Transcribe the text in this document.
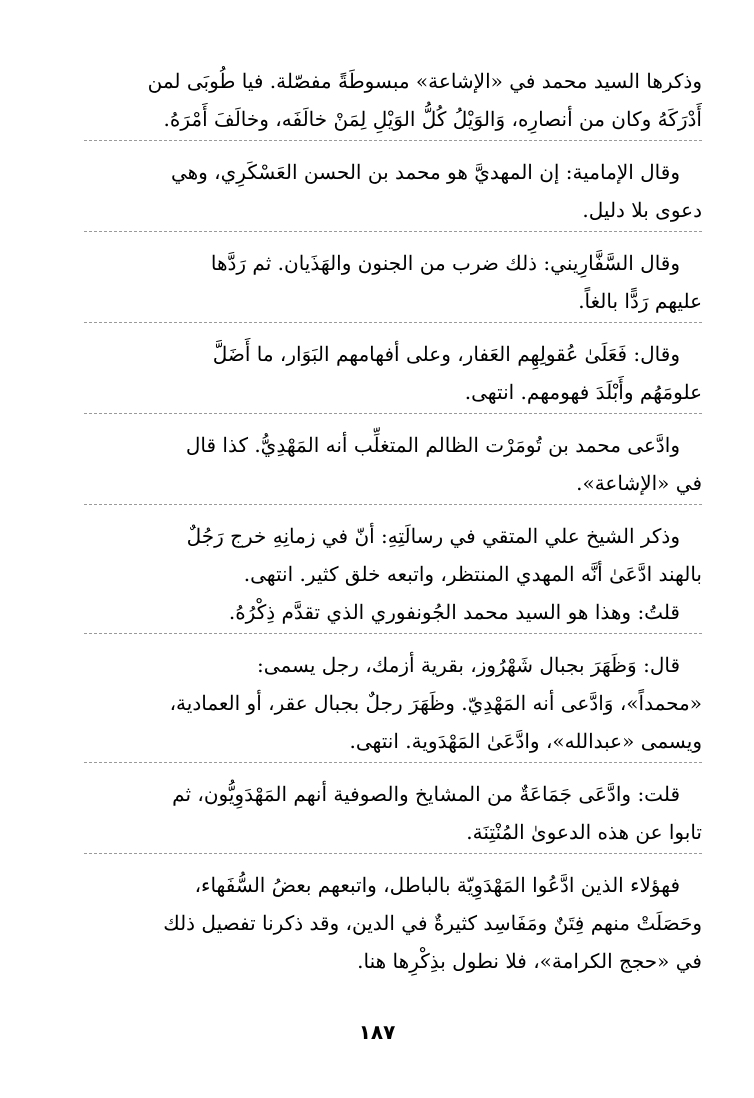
وذكرها السيد محمد في «الإشاعة» مبسوطَةً مفصّلة. فيا طُوبَى لمن
أَدْرَكَهُ وكان من أنصارِه، وَالوَيْلُ كُلُّ الوَيْلِ لِمَنْ خالَفَه، وخالَفَ أَمْرَهُ.

وقال الإمامية: إن المهديَّ هو محمد بن الحسن العَسْكَرِي، وهي
دعوى بلا دليل.

وقال السَّفَّارِيني: ذلك ضرب من الجنون والهَذَيان. ثم رَدَّها
عليهم رَدًّا بالغاً.

وقال: فَعَلَىٰ عُقولِهِم العَفار، وعلى أفهامهم البَوَار، ما أَضَلَّ
علومَهُم وأَبْلَدَ فهومهم. انتهى.

وادَّعى محمد بن تُومَرْت الظالم المتغلِّب أنه المَهْدِيُّ. كذا قال
في «الإشاعة».

وذكر الشيخ علي المتقي في رسالَتِهِ: أنّ في زمانِهِ خرج رَجُلٌ
بالهند ادَّعَىٰ أنَّه المهدي المنتظر، واتبعه خلق كثير. انتهى.
قلتُ: وهذا هو السيد محمد الجُونفوري الذي تقدَّم ذِكْرُهُ.

قال: وَظَهَرَ بجبال شَهْرُوز، بقرية أزمك، رجل يسمى:
«محمداً»، وَادَّعى أنه المَهْدِيّ. وظَهَرَ رجلٌ بجبال عقر، أو العمادية،
ويسمى «عبدالله»، وادَّعَىٰ المَهْدَوية. انتهى.

قلت: وادَّعَى جَمَاعَةٌ من المشايخ والصوفية أنهم المَهْدَوِيُّون، ثم
تابوا عن هذه الدعوىٰ المُنْتِنَة.

فهؤلاء الذين ادَّعُوا المَهْدَوِيّة بالباطل، واتبعهم بعضُ السُّفَهاء،
وحَصَلَتْ منهم فِتَنٌ ومَفَاسِد كثيرةٌ في الدين، وقد ذكرنا تفصيل ذلك
في «حجج الكرامة»، فلا نطول بذِكْرِها هنا.

١٨٧
